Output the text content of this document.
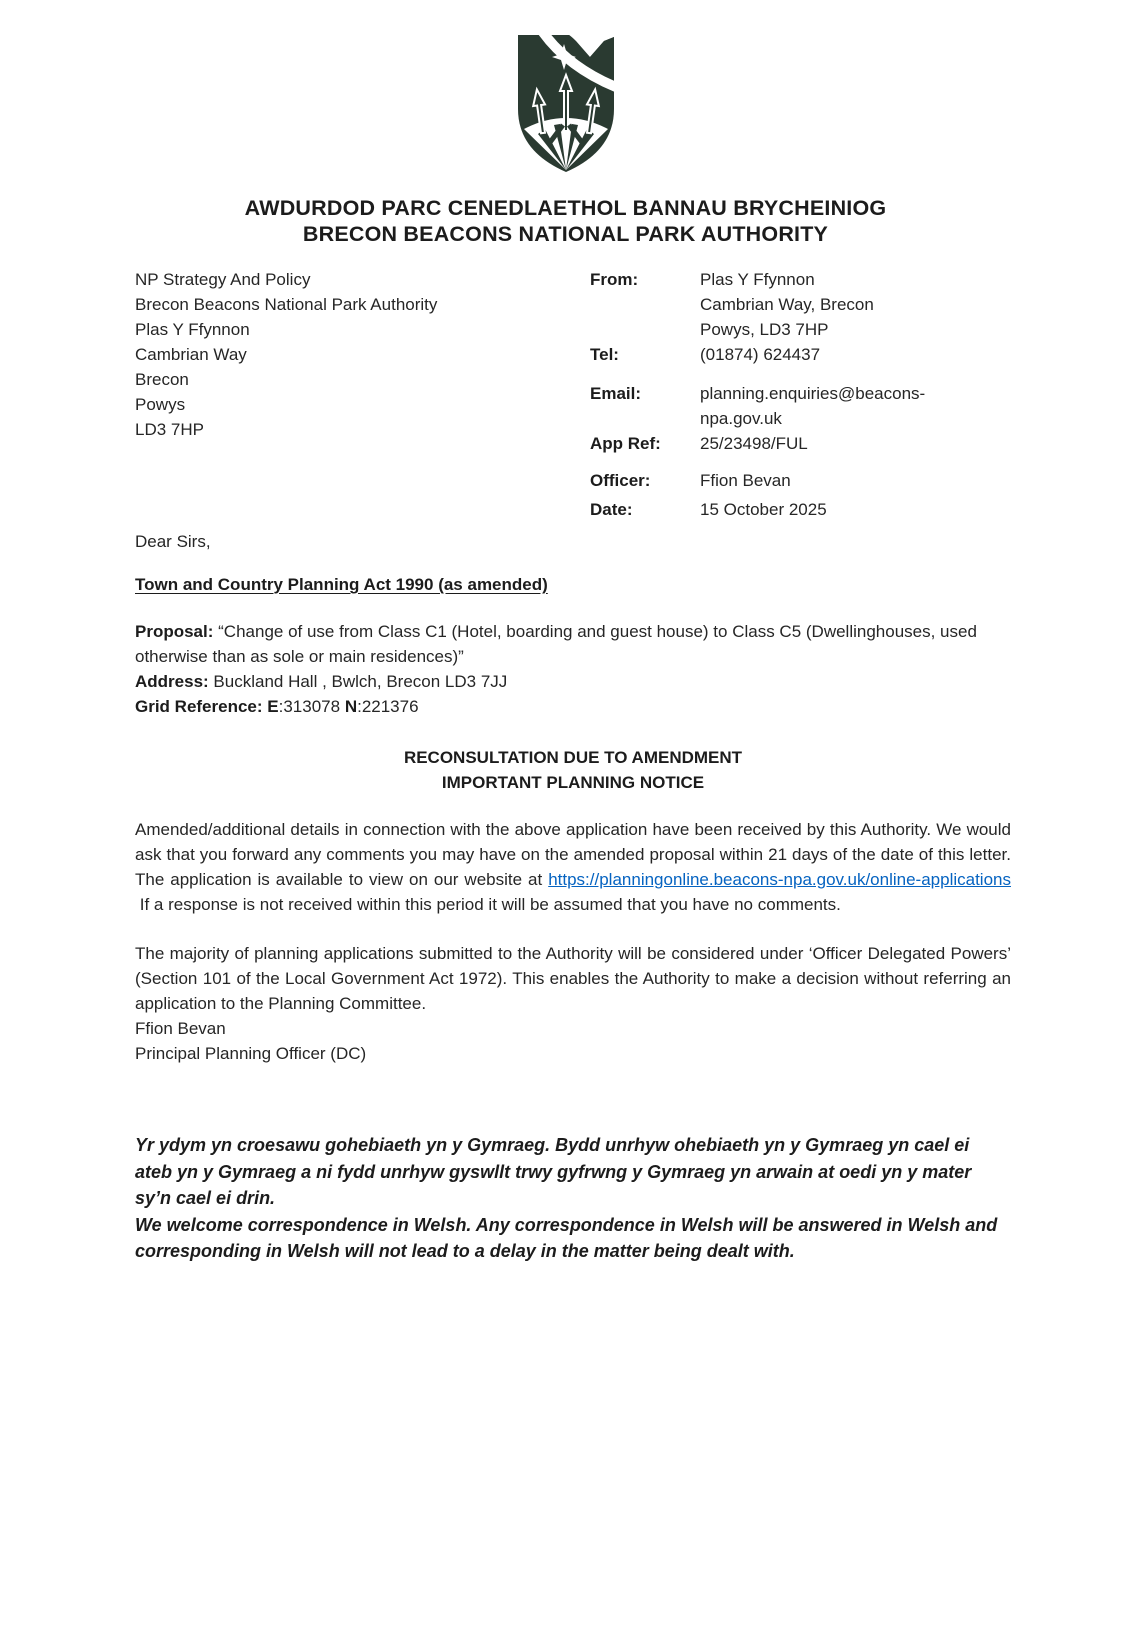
AWDURDOD PARC CENEDLAETHOL BANNAU BRYCHEINIOG
BRECON BEACONS NATIONAL PARK AUTHORITY
NP Strategy And Policy
Brecon Beacons National Park Authority
Plas Y Ffynnon
Cambrian Way
Brecon
Powys
LD3 7HP
From:	Plas Y Ffynnon
Cambrian Way, Brecon
Powys, LD3 7HP
Tel:	(01874) 624437
Email:	planning.enquiries@beacons-npa.gov.uk
App Ref:	25/23498/FUL
Officer:	Ffion Bevan
Date:	15 October 2025
Dear Sirs,
Town and Country Planning Act 1990 (as amended)
Proposal: “Change of use from Class C1 (Hotel, boarding and guest house) to Class C5 (Dwellinghouses, used otherwise than as sole or main residences)”
Address: Buckland Hall , Bwlch, Brecon LD3 7JJ
Grid Reference: E:313078 N:221376
RECONSULTATION DUE TO AMENDMENT
IMPORTANT PLANNING NOTICE

Amended/additional details in connection with the above application have been received by this Authority. We would ask that you forward any comments you may have on the amended proposal within 21 days of the date of this letter. The application is available to view on our website at https://planningonline.beacons-npa.gov.uk/online-applications  If a response is not received within this period it will be assumed that you have no comments.

The majority of planning applications submitted to the Authority will be considered under ‘Officer Delegated Powers’ (Section 101 of the Local Government Act 1972). This enables the Authority to make a decision without referring an application to the Planning Committee.

Ffion Bevan
Principal Planning Officer (DC)
Yr ydym yn croesawu gohebiaeth yn y Gymraeg. Bydd unrhyw ohebiaeth yn y Gymraeg yn cael ei ateb yn y Gymraeg a ni fydd unrhyw gyswllt trwy gyfrwng y Gymraeg yn arwain at oedi yn y mater sy’n cael ei drin.
We welcome correspondence in Welsh. Any correspondence in Welsh will be answered in Welsh and corresponding in Welsh will not lead to a delay in the matter being dealt with.
